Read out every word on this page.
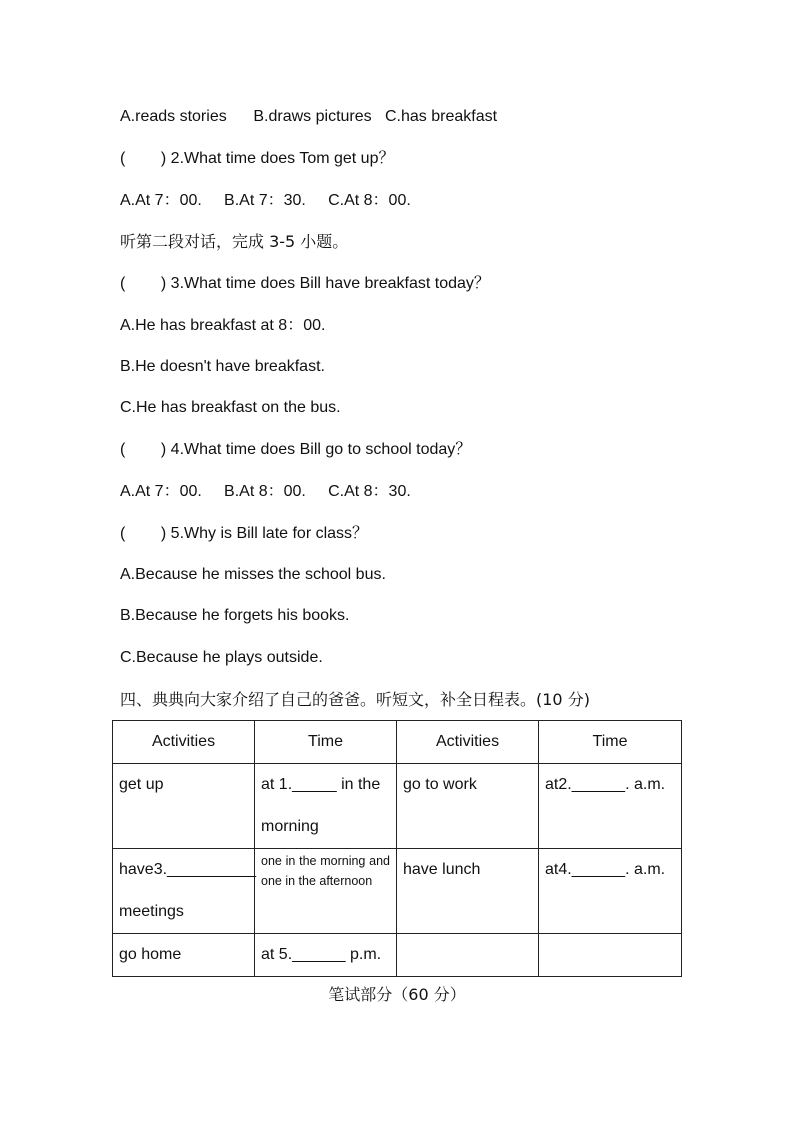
A.reads stories      B.draws pictures   C.has breakfast
(        ) 2.What time does Tom get up？
A.At 7：00.     B.At 7：30.     C.At 8：00.
听第二段对话，完成 3-5 小题。
(        ) 3.What time does Bill have breakfast today？
A.He has breakfast at 8：00.
B.He doesn't have breakfast.
C.He has breakfast on the bus.
(        ) 4.What time does Bill go to school today？
A.At 7：00.     B.At 8：00.     C.At 8：30.
(        ) 5.Why is Bill late for class？
A.Because he misses the school bus.
B.Because he forgets his books.
C.Because he plays outside.
四、典典向大家介绍了自己的爸爸。听短文，补全日程表。(10 分)
Activities	Time	Activities	Time
get up	at 1._____ in the morning	go to work	at2.______. a.m.
have3.__________ meetings	one in the morning and one in the afternoon	have lunch	at4.______. a.m.
go home	at 5.______ p.m.		
笔试部分（60 分）
